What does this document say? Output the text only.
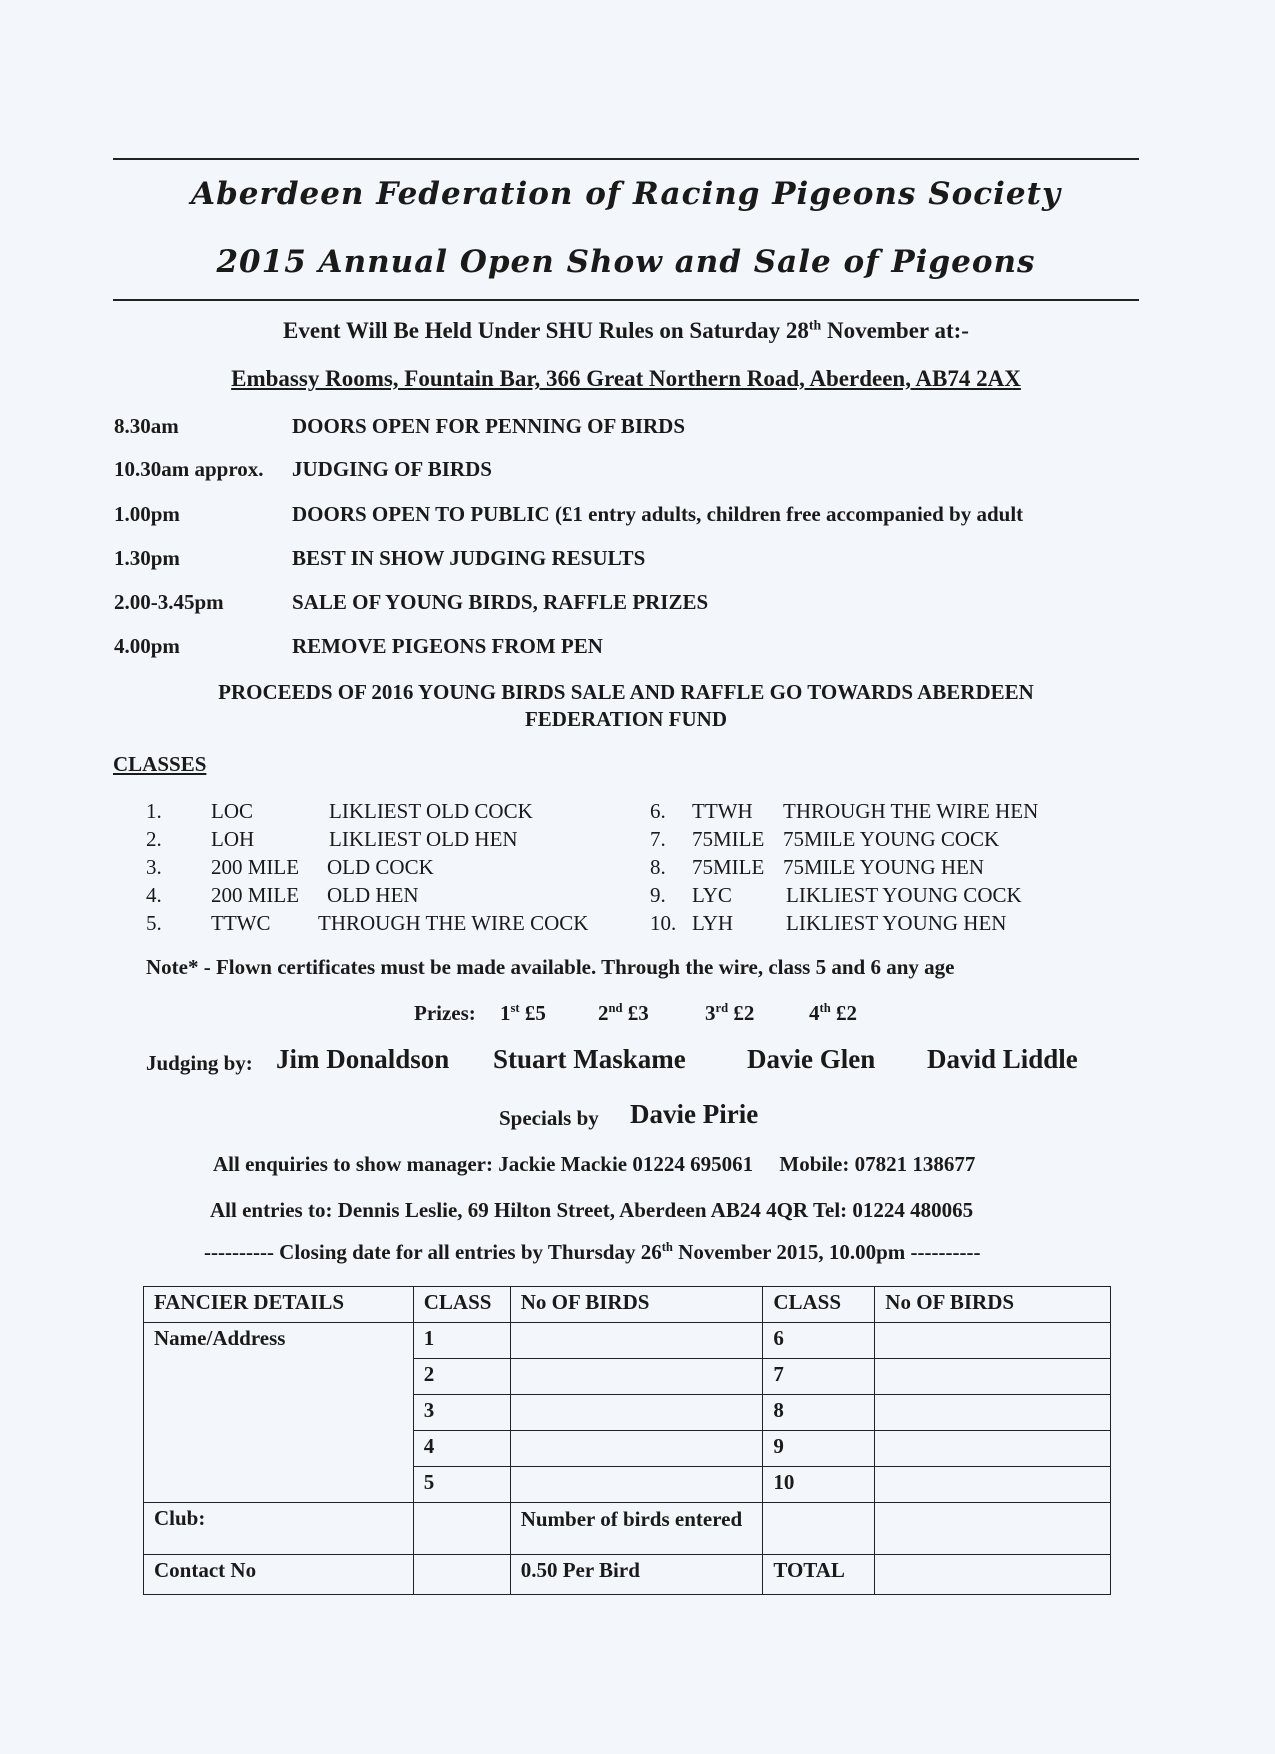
Aberdeen Federation of Racing Pigeons Society
2015 Annual Open Show and Sale of Pigeons
Event Will Be Held Under SHU Rules on Saturday 28th November at:-
Embassy Rooms, Fountain Bar, 366 Great Northern Road, Aberdeen, AB74 2AX
8.30am	DOORS OPEN FOR PENNING OF BIRDS
10.30am approx. JUDGING OF BIRDS
1.00pm	DOORS OPEN TO PUBLIC (£1 entry adults, children free accompanied by adult
1.30pm	BEST IN SHOW JUDGING RESULTS
2.00-3.45pm	SALE OF YOUNG BIRDS, RAFFLE PRIZES
4.00pm	REMOVE PIGEONS FROM PEN
PROCEEDS OF 2016 YOUNG BIRDS SALE AND RAFFLE GO TOWARDS ABERDEEN
FEDERATION FUND
CLASSES
1. LOC	LIKLIEST OLD COCK
2. LOH	LIKLIEST OLD HEN
3. 200 MILE OLD COCK
4. 200 MILE OLD HEN
5. TTWC THROUGH THE WIRE COCK
6. TTWH THROUGH THE WIRE HEN
7. 75MILE 75MILE YOUNG COCK
8. 75MILE 75MILE YOUNG HEN
9. LYC	LIKLIEST YOUNG COCK
10. LYH	LIKLIEST YOUNG HEN
Note* - Flown certificates must be made available. Through the wire, class 5 and 6 any age
Prizes: 1st £5 2nd £3	3rd £2	4th £2
Judging by: Jim Donaldson Stuart Maskame Davie Glen David Liddle
Specials by Davie Pirie
All enquiries to show manager: Jackie Mackie 01224 695061     Mobile: 07821 138677
All entries to: Dennis Leslie, 69 Hilton Street, Aberdeen AB24 4QR Tel: 01224 480065
---------- Closing date for all entries by Thursday 26th November 2015, 10.00pm ----------
FANCIER DETAILS	CLASS	No OF BIRDS	CLASS	No OF BIRDS
Name/Address	1		6	
	2		7	
	3		8	
	4		9	
	5		10	
Club:		Number of birds entered		
Contact No		0.50 Per Bird	TOTAL	
